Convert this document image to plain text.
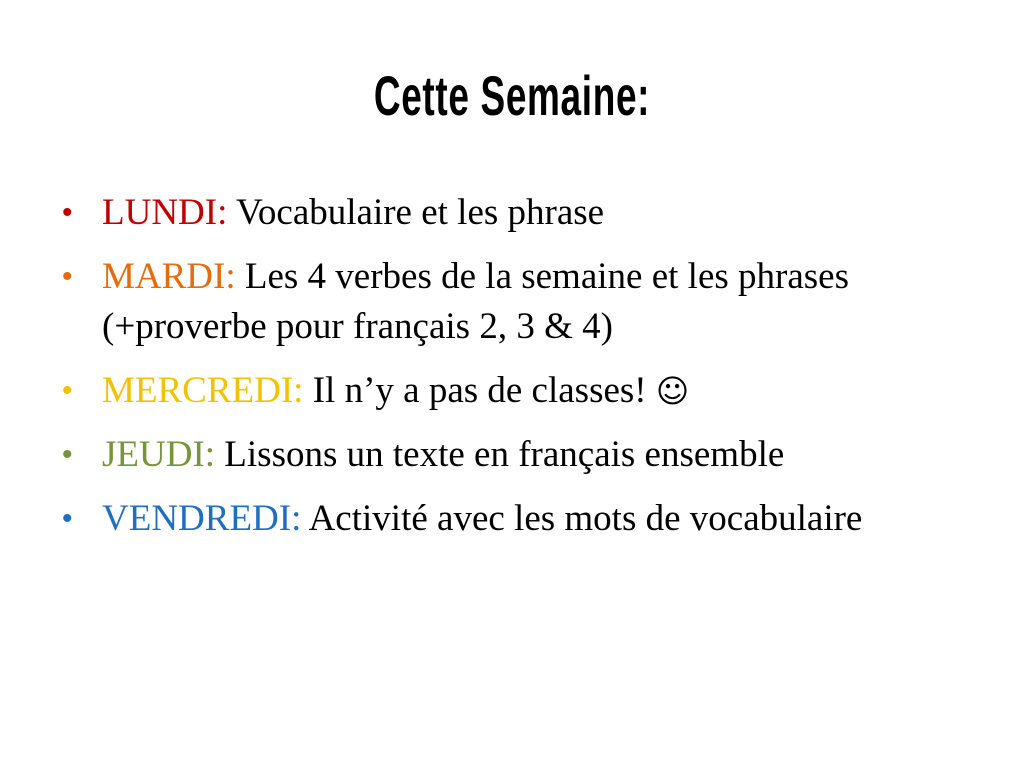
Cette Semaine:
• LUNDI: Vocabulaire et les phrase
• MARDI: Les 4 verbes de la semaine et les phrases (+proverbe pour français 2, 3 & 4)
• MERCREDI: Il n’y a pas de classes! ☺
• JEUDI: Lissons un texte en français ensemble
• VENDREDI: Activité avec les mots de vocabulaire
